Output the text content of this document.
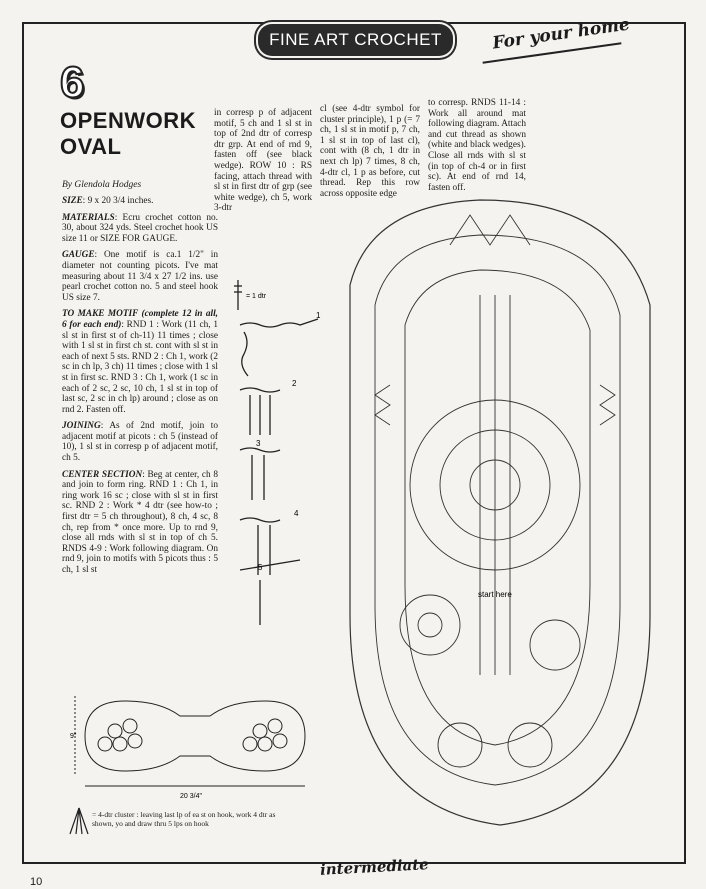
FINE ART CROCHET	For your home
6
OPENWORK
OVAL
By Glendola Hodges

SIZE: 9 x 20 3/4 inches.

MATERIALS: Ecru crochet cotton no. 30, about 324 yds. Steel crochet hook US size 11 or SIZE FOR GAUGE.

GAUGE: One motif is ca.1 1/2" in diameter not counting picots. I've mat measuring about 11 3/4 x 27 1/2 ins. use pearl crochet cotton no. 5 and steel hook US size 7.

TO MAKE MOTIF (complete 12 in all, 6 for each end): RND 1 : Work (11 ch, 1 sl st in first st of ch-11) 11 times ; close with 1 sl st in first ch st. cont with sl st in each of next 5 sts. RND 2 : Ch 1, work (2 sc in ch lp, 3 ch) 11 times ; close with 1 sl st in first sc. RND 3 : Ch 1, work (1 sc in each of 2 sc, 2 sc, 10 ch, 1 sl st in top of last sc, 2 sc in ch lp) around ; close as on rnd 2. Fasten off.

JOINING: As of 2nd motif, join to adjacent motif at picots : ch 5 (instead of 10), 1 sl st in corresp p of adjacent motif, ch 5.

CENTER SECTION: Beg at center, ch 8 and join to form ring. RND 1 : Ch 1, in ring work 16 sc ; close with sl st in first sc. RND 2 : Work * 4 dtr (see how-to ; first dtr = 5 ch throughout), 8 ch, 4 sc, 8 ch, rep from * once more. Up to rnd 9, close all rnds with sl st in top of ch 5. RNDS 4-9 : Work following diagram. On rnd 9, join to motifs with 5 picots thus : 5 ch, 1 sl st

in corresp p of adjacent motif, 5 ch and 1 sl st in top of 2nd dtr of corresp dtr grp. At end of rnd 9, fasten off (see black wedge). ROW 10 : RS facing, attach thread with sl st in first dtr of grp (see white wedge), ch 5, work 3-dtr
cl (see 4-dtr symbol for cluster principle), 1 p (= 7 ch, 1 sl st in motif p, 7 ch, 1 sl st in top of last cl), cont with (8 ch, 1 dtr in next ch lp) 7 times, 8 ch, 4-dtr cl, 1 p as before, cut thread. Rep this row across opposite edge
to corresp. RNDS 11-14 : Work all around mat following diagram. Attach and cut thread as shown (white and black wedges). Close all rnds with sl st (in top of ch-4 or in first sc). At end of rnd 14, fasten off.
= 1 dtr
1
2
3
4
5
start here
9"
20 3/4"
= 4-dtr cluster : leaving last lp of ea st on hook, work 4 dtr as shown, yo and draw thru 5 lps on hook
intermediate
10
